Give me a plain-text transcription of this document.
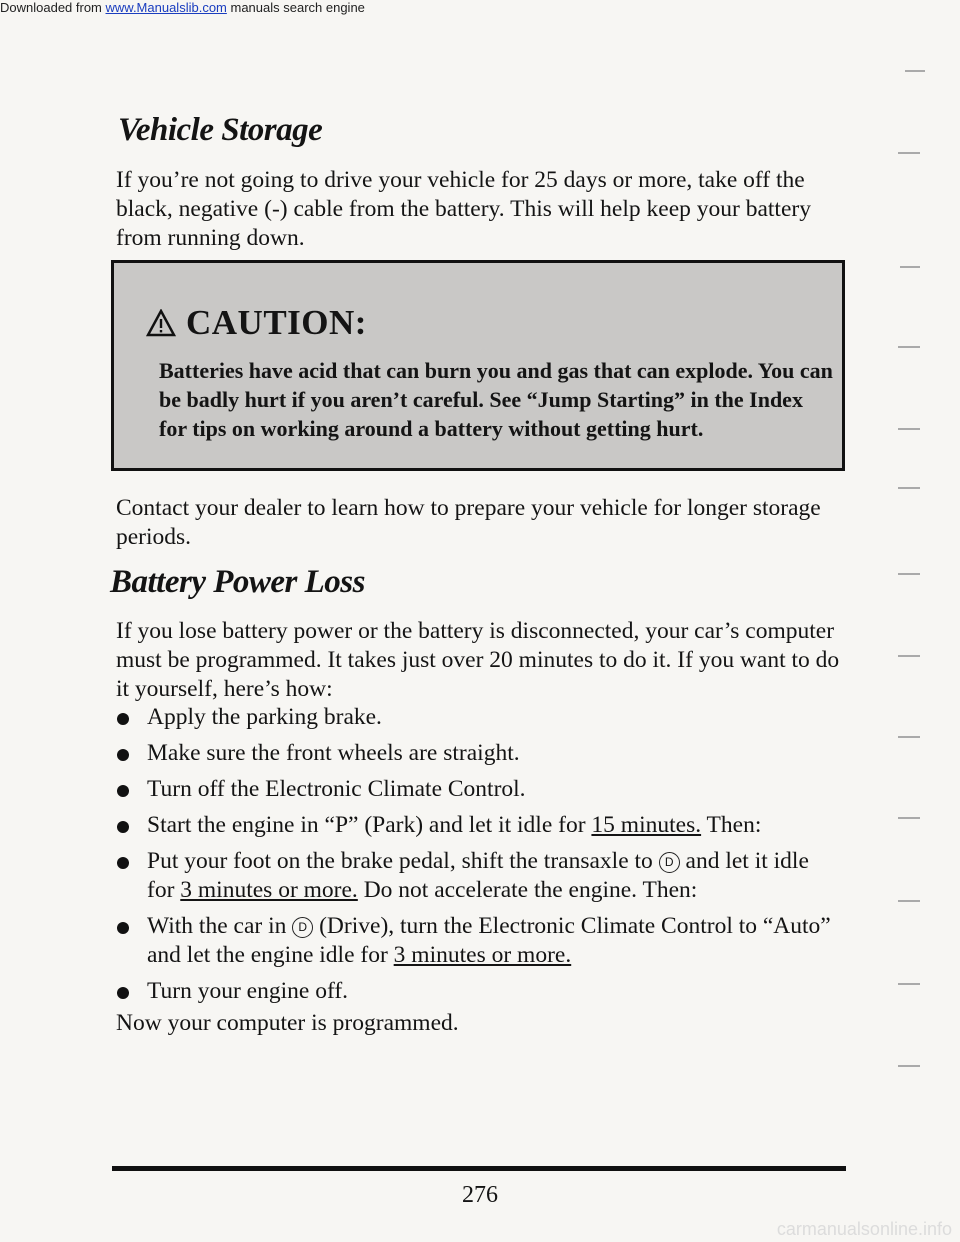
Downloaded from www.Manualslib.com manuals search engine
Vehicle Storage

If you’re not going to drive your vehicle for 25 days or more, take off the black, negative (-) cable from the battery. This will help keep your battery from running down.

CAUTION:

Batteries have acid that can burn you and gas that can explode. You can be badly hurt if you aren’t careful. See “Jump Starting” in the Index for tips on working around a battery without getting hurt.

Contact your dealer to learn how to prepare your vehicle for longer storage periods.

Battery Power Loss

If you lose battery power or the battery is disconnected, your car’s computer must be programmed. It takes just over 20 minutes to do it. If you want to do it yourself, here’s how:

Apply the parking brake.
Make sure the front wheels are straight.
Turn off the Electronic Climate Control.
Start the engine in “P” (Park) and let it idle for 15 minutes. Then:
Put your foot on the brake pedal, shift the transaxle to D and let it idle for 3 minutes or more. Do not accelerate the engine. Then:
With the car in D (Drive), turn the Electronic Climate Control to “Auto” and let the engine idle for 3 minutes or more.
Turn your engine off.

Now your computer is programmed.

276
carmanualsonline.info
